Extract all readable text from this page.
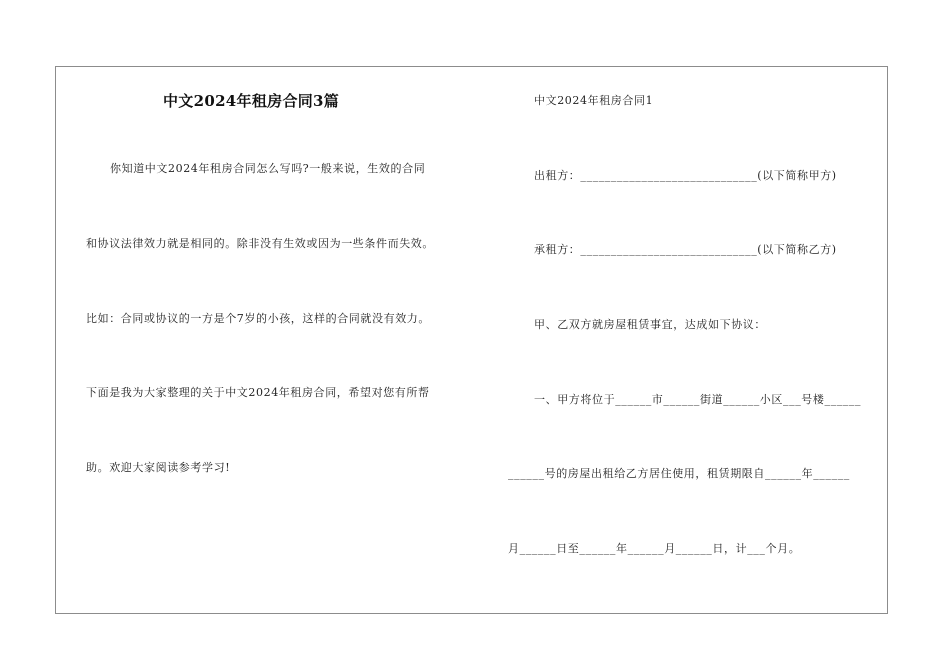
中文2024年租房合同3篇
你知道中文2024年租房合同怎么写吗?一般来说，生效的合同
和协议法律效力就是相同的。除非没有生效或因为一些条件而失效。
比如：合同或协议的一方是个7岁的小孩，这样的合同就没有效力。
下面是我为大家整理的关于中文2024年租房合同，希望对您有所帮
助。欢迎大家阅读参考学习!
中文2024年租房合同1
出租方：_____________________________(以下简称甲方)
承租方：_____________________________(以下简称乙方)
甲、乙双方就房屋租赁事宜，达成如下协议：
一、甲方将位于______市______街道______小区___号楼______
______号的房屋出租给乙方居住使用，租赁期限自______年______
月______日至______年______月______日，计___个月。
